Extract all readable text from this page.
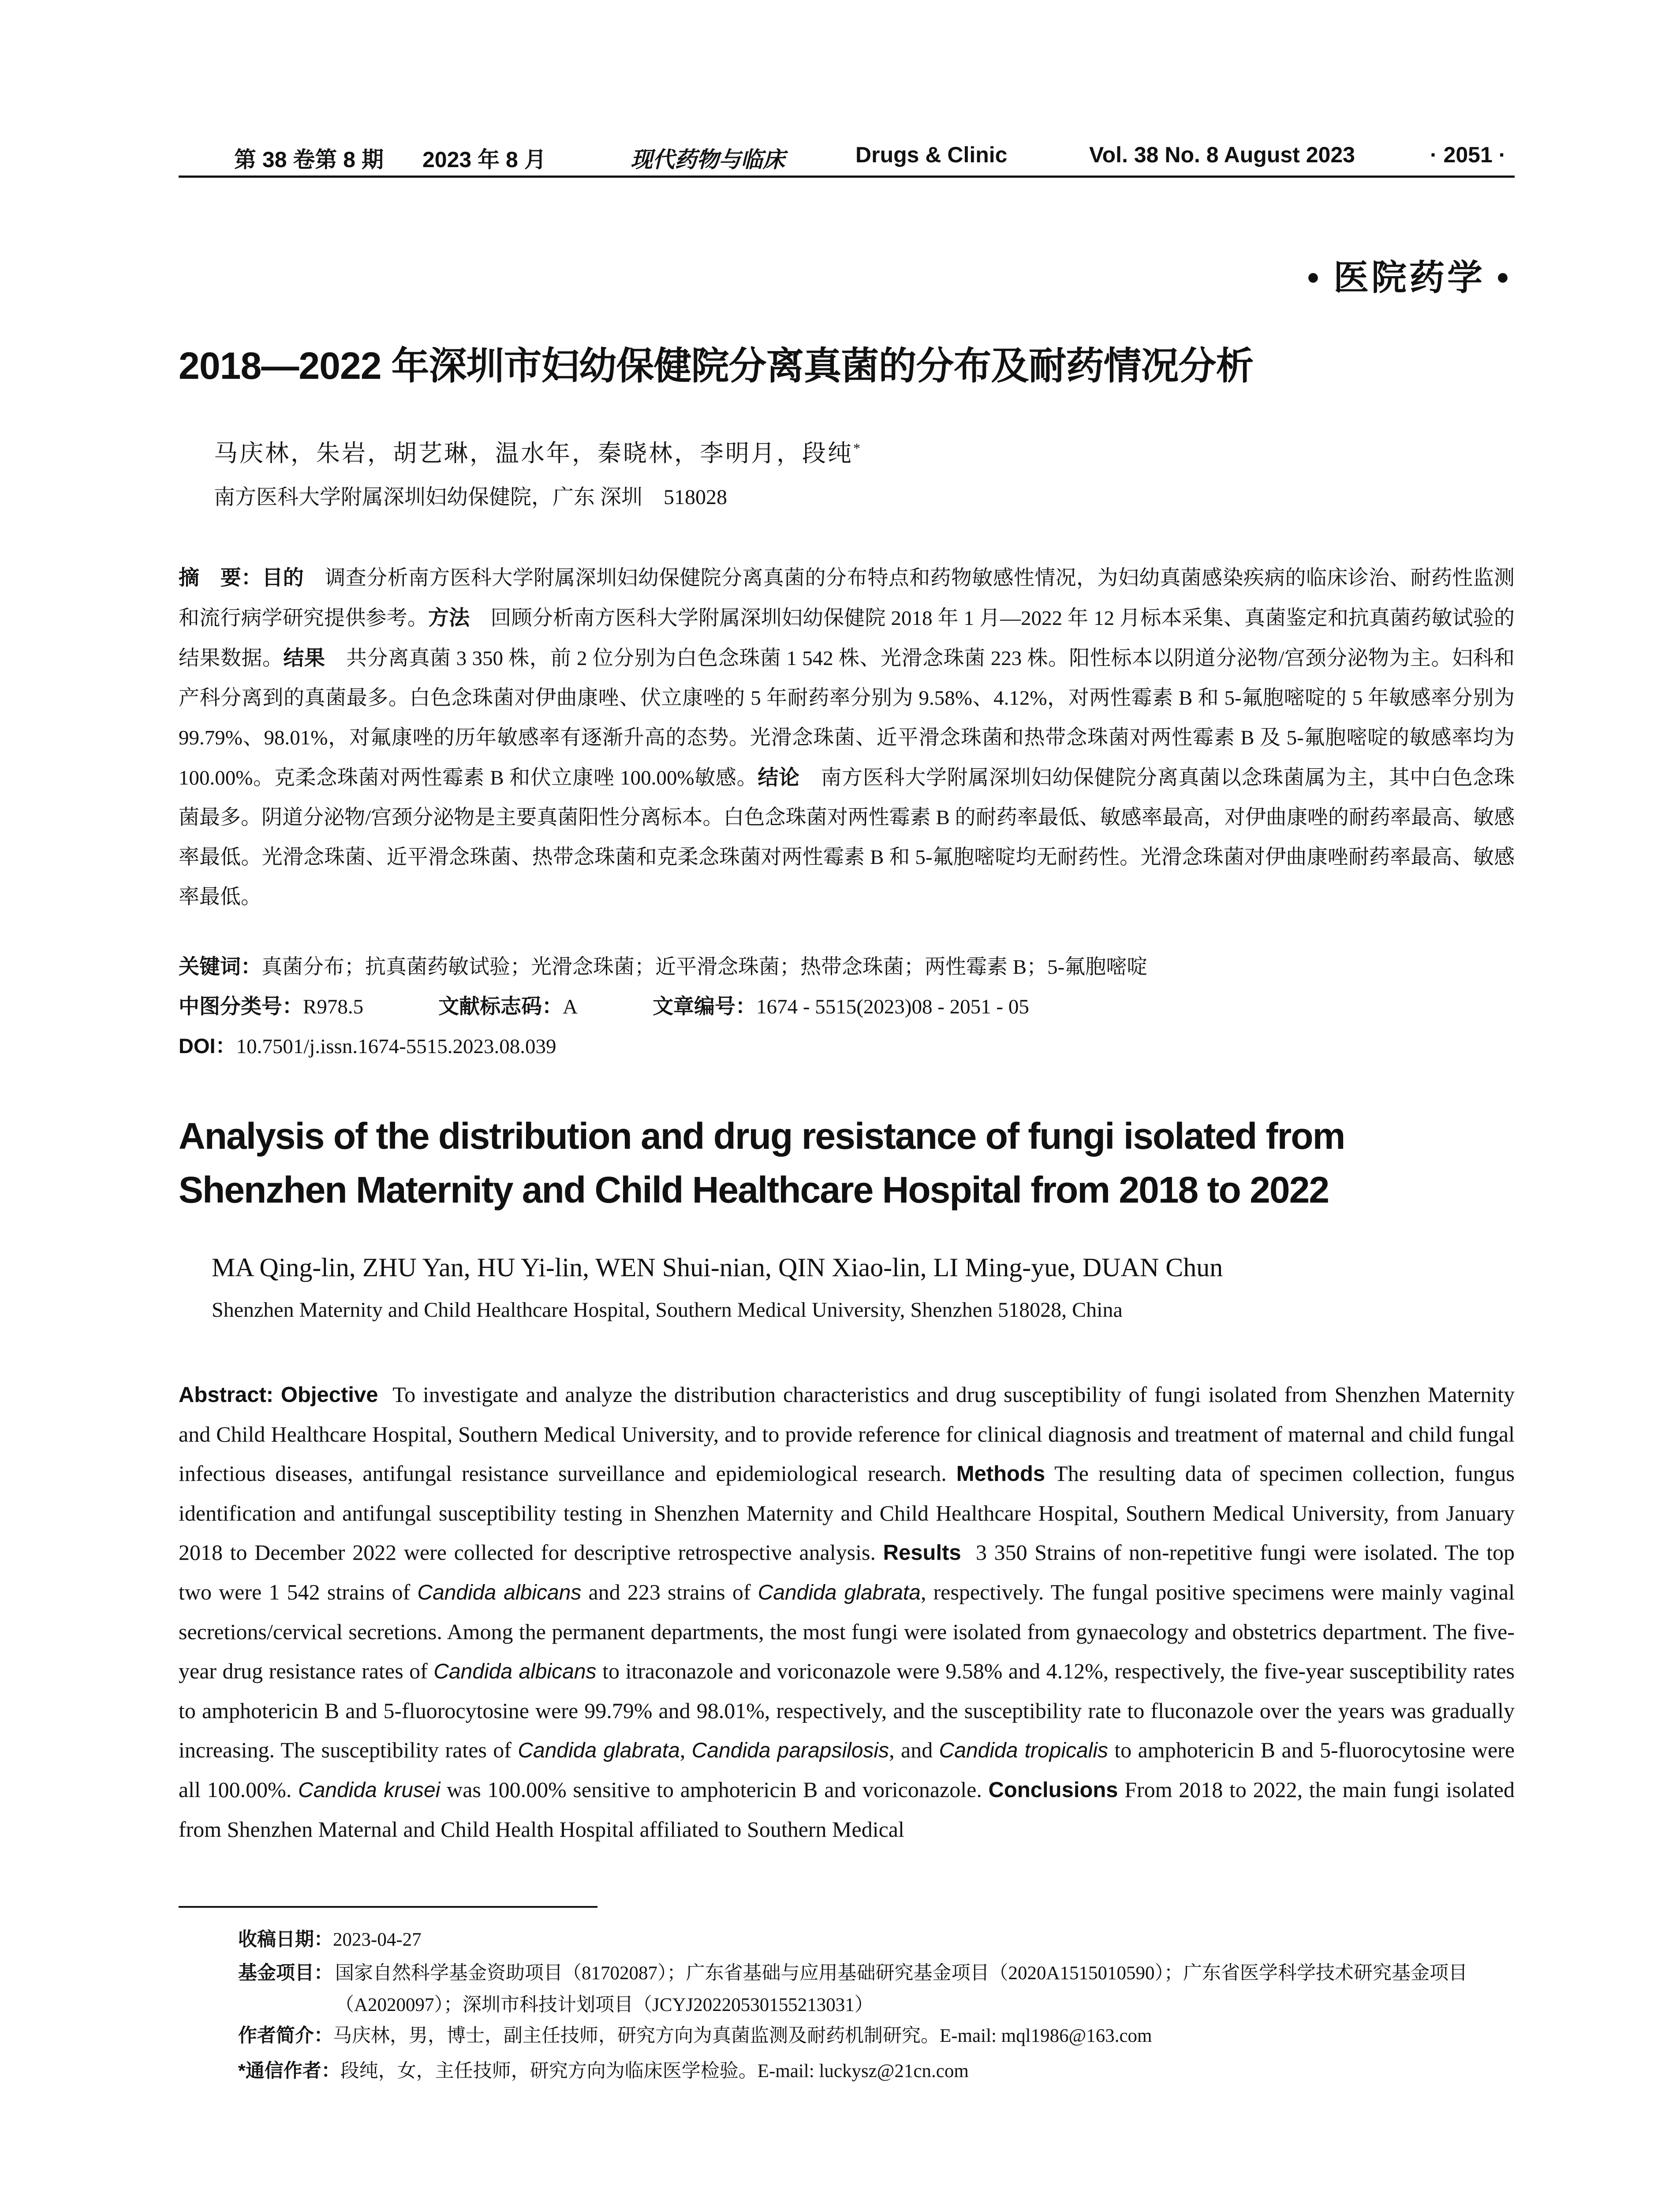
第 38 卷第 8 期 2023 年 8 月	现代药物与临床	Drugs & Clinic	Vol. 38 No. 8 August 2023	· 2051 ·
• 医院药学 •
2018—2022 年深圳市妇幼保健院分离真菌的分布及耐药情况分析
马庆林，朱岩，胡艺琳，温水年，秦晓林，李明月，段纯*
南方医科大学附属深圳妇幼保健院，广东 深圳　518028
摘　要：目的　 调查分析南方医科大学附属深圳妇幼保健院分离真菌的分布特点和药物敏感性情况，为妇幼真菌感染疾病的临床诊治、耐药性监测和流行病学研究提供参考。方法　 回顾分析南方医科大学附属深圳妇幼保健院 2018 年 1 月—2022 年 12 月标本采集、真菌鉴定和抗真菌药敏试验的结果数据。结果　 共分离真菌 3 350 株，前 2 位分别为白色念珠菌 1 542 株、光滑念珠菌 223 株。阳性标本以阴道分泌物/宫颈分泌物为主。妇科和产科分离到的真菌最多。白色念珠菌对伊曲康唑、伏立康唑的 5 年耐药率分别为 9.58%、4.12%，对两性霉素 B 和 5-氟胞嘧啶的 5 年敏感率分别为 99.79%、98.01%，对氟康唑的历年敏感率有逐渐升高的态势。光滑念珠菌、近平滑念珠菌和热带念珠菌对两性霉素 B 及 5-氟胞嘧啶的敏感率均为 100.00%。克柔念珠菌对两性霉素 B 和伏立康唑 100.00%敏感。结论　 南方医科大学附属深圳妇幼保健院分离真菌以念珠菌属为主，其中白色念珠菌最多。阴道分泌物/宫颈分泌物是主要真菌阳性分离标本。白色念珠菌对两性霉素 B 的耐药率最低、敏感率最高，对伊曲康唑的耐药率最高、敏感率最低。光滑念珠菌、近平滑念珠菌、热带念珠菌和克柔念珠菌对两性霉素 B 和 5-氟胞嘧啶均无耐药性。光滑念珠菌对伊曲康唑耐药率最高、敏感率最低。
关键词：真菌分布；抗真菌药敏试验；光滑念珠菌；近平滑念珠菌；热带念珠菌；两性霉素 B；5-氟胞嘧啶
中图分类号：R978.5	文献标志码：A	文章编号：1674 - 5515(2023)08 - 2051 - 05
DOI：10.7501/j.issn.1674-5515.2023.08.039
Analysis of the distribution and drug resistance of fungi isolated from Shenzhen Maternity and Child Healthcare Hospital from 2018 to 2022
MA Qing-lin, ZHU Yan, HU Yi-lin, WEN Shui-nian, QIN Xiao-lin, LI Ming-yue, DUAN Chun
Shenzhen Maternity and Child Healthcare Hospital, Southern Medical University, Shenzhen 518028, China
Abstract: Objective To investigate and analyze the distribution characteristics and drug susceptibility of fungi isolated from Shenzhen Maternity and Child Healthcare Hospital, Southern Medical University, and to provide reference for clinical diagnosis and treatment of maternal and child fungal infectious diseases, antifungal resistance surveillance and epidemiological research. Methods The resulting data of specimen collection, fungus identification and antifungal susceptibility testing in Shenzhen Maternity and Child Healthcare Hospital, Southern Medical University, from January 2018 to December 2022 were collected for descriptive retrospective analysis. Results 3 350 Strains of non-repetitive fungi were isolated. The top two were 1 542 strains of Candida albicans and 223 strains of Candida glabrata, respectively. The fungal positive specimens were mainly vaginal secretions/cervical secretions. Among the permanent departments, the most fungi were isolated from gynaecology and obstetrics department. The five-year drug resistance rates of Candida albicans to itraconazole and voriconazole were 9.58% and 4.12%, respectively, the five-year susceptibility rates to amphotericin B and 5-fluorocytosine were 99.79% and 98.01%, respectively, and the susceptibility rate to fluconazole over the years was gradually increasing. The susceptibility rates of Candida glabrata, Candida parapsilosis, and Candida tropicalis to amphotericin B and 5-fluorocytosine were all 100.00%. Candida krusei was 100.00% sensitive to amphotericin B and voriconazole. Conclusions From 2018 to 2022, the main fungi isolated from Shenzhen Maternal and Child Health Hospital affiliated to Southern Medical
收稿日期：2023-04-27
基金项目： 国家自然科学基金资助项目（81702087）；广东省基础与应用基础研究基金项目（2020A1515010590）；广东省医学科学技术研究基金项目（A2020097）；深圳市科技计划项目（JCYJ20220530155213031）
作者简介：马庆林，男，博士，副主任技师，研究方向为真菌监测及耐药机制研究。E-mail: mql1986@163.com
*通信作者：段纯，女，主任技师，研究方向为临床医学检验。E-mail: luckysz@21cn.com
